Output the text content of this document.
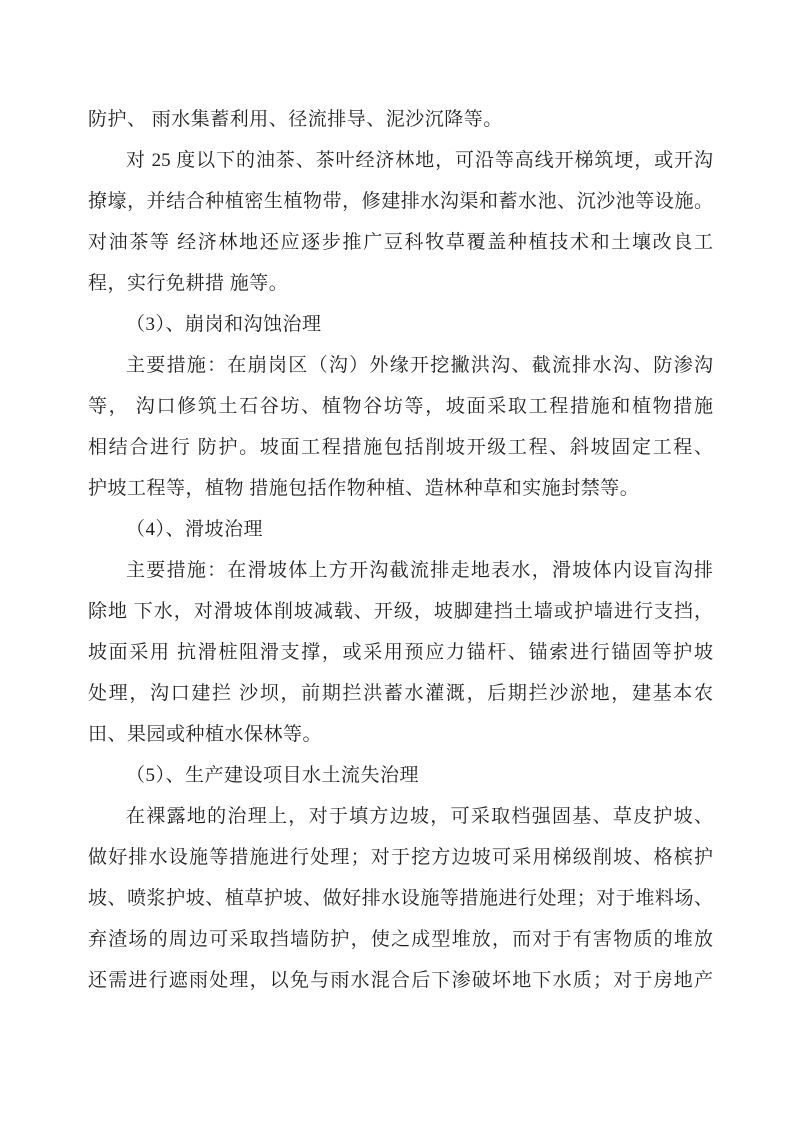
防护、 雨水集蓄利用、径流排导、泥沙沉降等。
对 25 度以下的油茶、茶叶经济林地，可沿等高线开梯筑埂，或开沟
撩壕，并结合种植密生植物带，修建排水沟渠和蓄水池、沉沙池等设施。
对油茶等 经济林地还应逐步推广豆科牧草覆盖种植技术和土壤改良工
程，实行免耕措 施等。
（3）、崩岗和沟蚀治理
主要措施：在崩岗区（沟）外缘开挖撇洪沟、截流排水沟、防渗沟
等， 沟口修筑土石谷坊、植物谷坊等，坡面采取工程措施和植物措施
相结合进行 防护。坡面工程措施包括削坡开级工程、斜坡固定工程、
护坡工程等，植物 措施包括作物种植、造林种草和实施封禁等。
（4）、滑坡治理
主要措施：在滑坡体上方开沟截流排走地表水，滑坡体内设盲沟排
除地 下水，对滑坡体削坡减载、开级，坡脚建挡土墙或护墙进行支挡，
坡面采用 抗滑桩阻滑支撑，或采用预应力锚杆、锚索进行锚固等护坡
处理，沟口建拦 沙坝，前期拦洪蓄水灌溉，后期拦沙淤地，建基本农
田、果园或种植水保林等。
（5）、生产建设项目水土流失治理
在裸露地的治理上，对于填方边坡，可采取档强固基、草皮护坡、
做好排水设施等措施进行处理；对于挖方边坡可采用梯级削坡、格槟护
坡、喷浆护坡、植草护坡、做好排水设施等措施进行处理；对于堆料场、
弃渣场的周边可采取挡墙防护，使之成型堆放，而对于有害物质的堆放
还需进行遮雨处理，以免与雨水混合后下渗破坏地下水质；对于房地产
